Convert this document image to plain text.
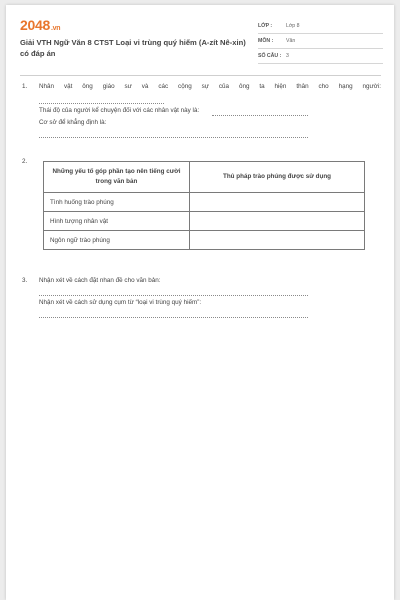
2048.vn
Giải VTH Ngữ Văn 8 CTST Loại vi trùng quý hiếm (A-zít Nê-xin) có đáp án
LỚP :	Lớp 8
MÔN : Văn
SỐ CÂU : 3
1. Nhân vật ông giáo sư và các cộng sự của ông ta hiện thân cho hạng người:
Thái độ của người kể chuyện đối với các nhân vật này là:
Cơ sở để khẳng định là:
2.
Những yếu tố góp phần tạo nên tiếng cười trong văn bản	Thủ pháp trào phúng được sử dụng
Tình huống trào phúng	
Hình tượng nhân vật	
Ngôn ngữ trào phúng	
3. Nhận xét về cách đặt nhan đề cho văn bản:
Nhận xét về cách sử dụng cụm từ “loại vi trùng quý hiếm”:
